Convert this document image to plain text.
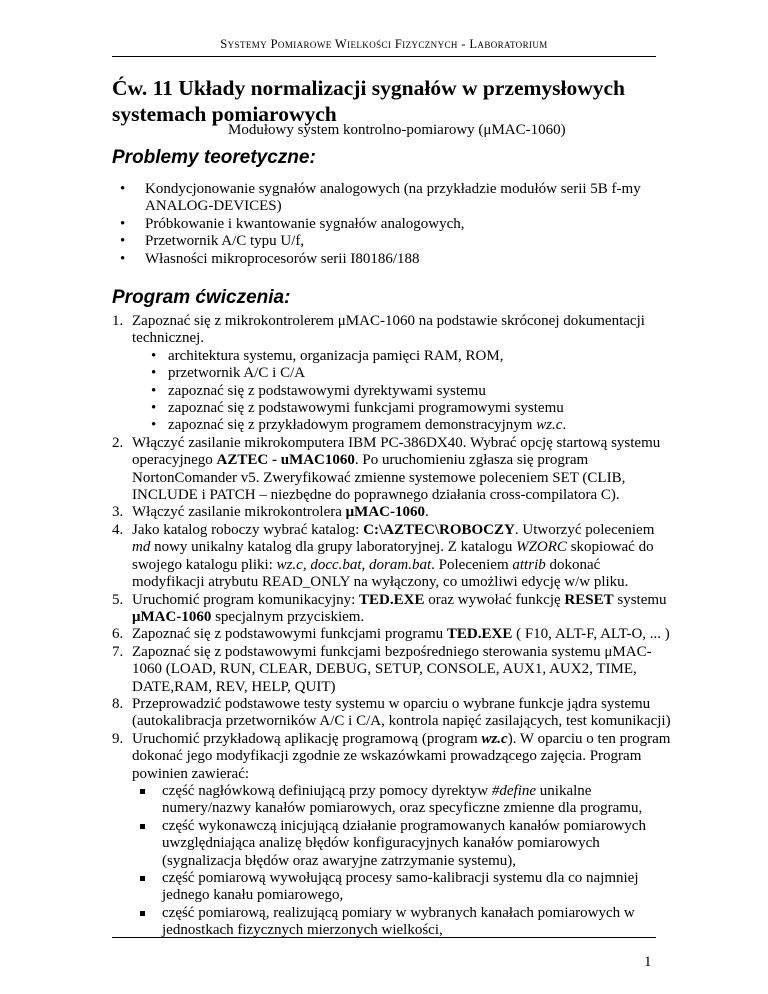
Systemy Pomiarowe Wielkości Fizycznych - Laboratorium
Ćw. 11 Układy normalizacji sygnałów w przemysłowych systemach pomiarowych
Modułowy system kontrolno-pomiarowy (μMAC-1060)
Problemy teoretyczne:
• Kondycjonowanie sygnałów analogowych (na przykładzie modułów serii 5B f-my ANALOG-DEVICES)
• Próbkowanie i kwantowanie sygnałów analogowych,
• Przetwornik A/C typu U/f,
• Własności mikroprocesorów serii I80186/188
Program ćwiczenia:
1. Zapoznać się z mikrokontrolerem μMAC-1060 na podstawie skróconej dokumentacji technicznej.
• architektura systemu, organizacja pamięci RAM, ROM,
• przetwornik A/C i C/A
• zapoznać się z podstawowymi dyrektywami systemu
• zapoznać się z podstawowymi funkcjami programowymi systemu
• zapoznać się z przykładowym programem demonstracyjnym wz.c.
2. Włączyć zasilanie mikrokomputera IBM PC-386DX40. Wybrać opcję startową systemu operacyjnego AZTEC - uMAC1060. Po uruchomieniu zgłasza się program NortonComander v5. Zweryfikować zmienne systemowe poleceniem SET (CLIB, INCLUDE i PATCH – niezbędne do poprawnego działania cross-compilatora C).
3. Włączyć zasilanie mikrokontrolera μMAC-1060.
4. Jako katalog roboczy wybrać katalog: C:\AZTEC\ROBOCZY. Utworzyć poleceniem md nowy unikalny katalog dla grupy laboratoryjnej. Z katalogu WZORC skopiować do swojego katalogu pliki: wz.c, docc.bat, doram.bat. Poleceniem attrib dokonać modyfikacji atrybutu READ_ONLY na wyłączony, co umożliwi edycję w/w pliku.
5. Uruchomić program komunikacyjny: TED.EXE oraz wywołać funkcję RESET systemu μMAC-1060 specjalnym przyciskiem.
6. Zapoznać się z podstawowymi funkcjami programu TED.EXE ( F10, ALT-F, ALT-O, ... )
7. Zapoznać się z podstawowymi funkcjami bezpośredniego sterowania systemu μMAC-1060 (LOAD, RUN, CLEAR, DEBUG, SETUP, CONSOLE, AUX1, AUX2, TIME, DATE,RAM, REV, HELP, QUIT)
8. Przeprowadzić podstawowe testy systemu w oparciu o wybrane funkcje jądra systemu (autokalibracja przetworników A/C i C/A, kontrola napięć zasilających, test komunikacji)
9. Uruchomić przykładową aplikację programową (program wz.c). W oparciu o ten program dokonać jego modyfikacji zgodnie ze wskazówkami prowadzącego zajęcia. Program powinien zawierać:
część nagłówkową definiującą przy pomocy dyrektyw #define unikalne numery/nazwy kanałów pomiarowych, oraz specyficzne zmienne dla programu,
część wykonawczą inicjującą działanie programowanych kanałów pomiarowych uwzględniająca analizę błędów konfiguracyjnych kanałów pomiarowych (sygnalizacja błędów oraz awaryjne zatrzymanie systemu),
część pomiarową wywołującą procesy samo-kalibracji systemu dla co najmniej jednego kanału pomiarowego,
część pomiarową, realizującą pomiary w wybranych kanałach pomiarowych w jednostkach fizycznych mierzonych wielkości,
1
